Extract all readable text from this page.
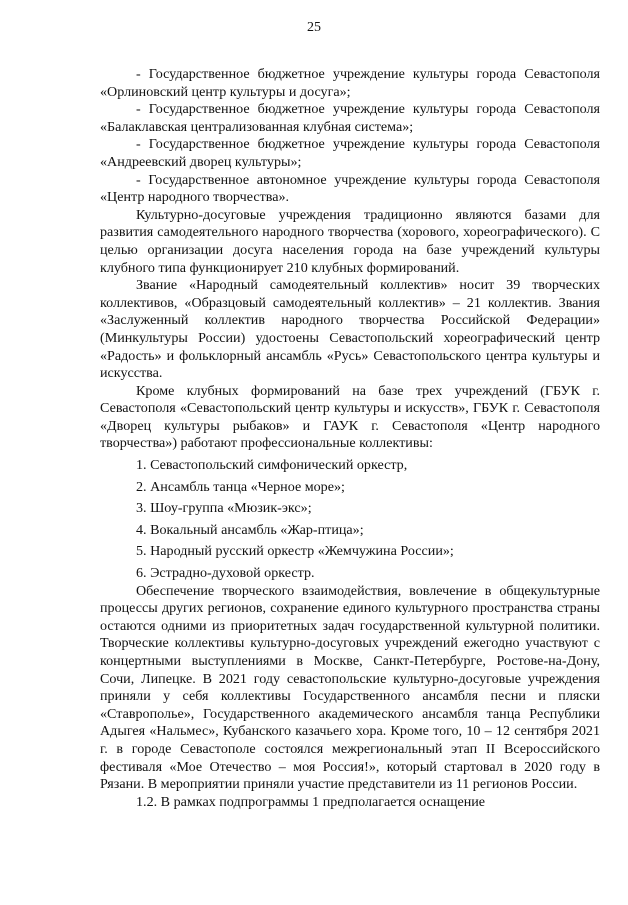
25

- Государственное бюджетное учреждение культуры города Севастополя «Орлиновский центр культуры и досуга»;

- Государственное бюджетное учреждение культуры города Севастополя «Балаклавская централизованная клубная система»;

- Государственное бюджетное учреждение культуры города Севастополя «Андреевский дворец культуры»;

- Государственное автономное учреждение культуры города Севастополя «Центр народного творчества».

Культурно-досуговые учреждения традиционно являются базами для развития самодеятельного народного творчества (хорового, хореографического). С целью организации досуга населения города на базе учреждений культуры клубного типа функционирует 210 клубных формирований.

Звание «Народный самодеятельный коллектив» носит 39 творческих коллективов, «Образцовый самодеятельный коллектив» – 21 коллектив. Звания «Заслуженный коллектив народного творчества Российской Федерации» (Минкультуры России) удостоены Севастопольский хореографический центр «Радость» и фольклорный ансамбль «Русь» Севастопольского центра культуры и искусства.

Кроме клубных формирований на базе трех учреждений (ГБУК г. Севастополя «Севастопольский центр культуры и искусств», ГБУК г. Севастополя «Дворец культуры рыбаков» и ГАУК г. Севастополя «Центр народного творчества») работают профессиональные коллективы:

1. Севастопольский симфонический оркестр,

2. Ансамбль танца «Черное море»;

3. Шоу-группа «Мюзик-экс»;

4. Вокальный ансамбль «Жар-птица»;

5. Народный русский оркестр «Жемчужина России»;

6. Эстрадно-духовой оркестр.

Обеспечение творческого взаимодействия, вовлечение в общекультурные процессы других регионов, сохранение единого культурного пространства страны остаются одними из приоритетных задач государственной культурной политики. Творческие коллективы культурно-досуговых учреждений ежегодно участвуют с концертными выступлениями в Москве, Санкт-Петербурге, Ростове-на-Дону, Сочи, Липецке. В 2021 году севастопольские культурно-досуговые учреждения приняли у себя коллективы Государственного ансамбля песни и пляски «Ставрополье», Государственного академического ансамбля танца Республики Адыгея «Нальмес», Кубанского казачьего хора. Кроме того, 10 – 12 сентября 2021 г. в городе Севастополе состоялся межрегиональный этап II Всероссийского фестиваля «Мое Отечество – моя Россия!», который стартовал в 2020 году в Рязани. В мероприятии приняли участие представители из 11 регионов России.

1.2. В рамках подпрограммы 1 предполагается оснащение
